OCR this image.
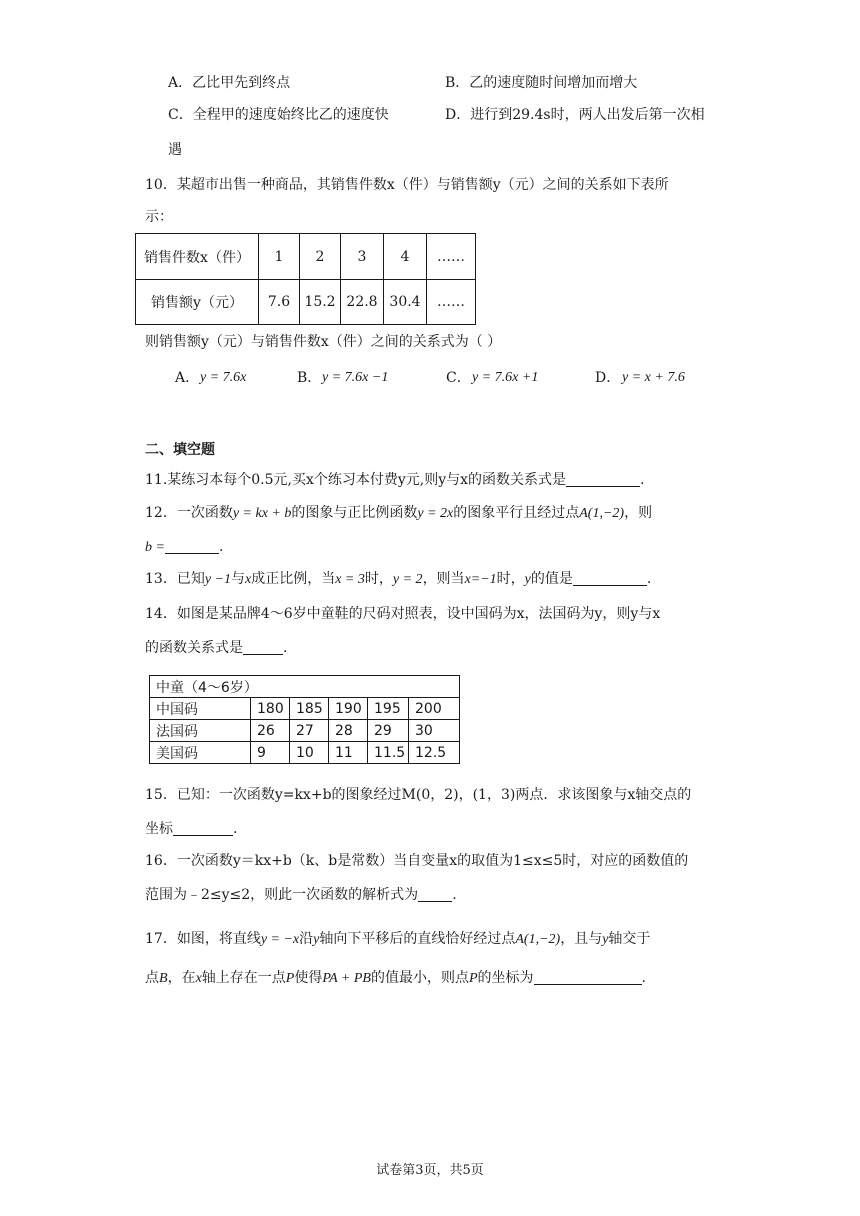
A．乙比甲先到终点	B．乙的速度随时间增加而增大
C．全程甲的速度始终比乙的速度快	D．进行到29.4s时，两人出发后第一次相
遇
10．某超市出售一种商品，其销售件数x（件）与销售额y（元）之间的关系如下表所
示：
销售件数x（件）	1	2	3	4	……
销售额y（元）	7.6	15.2	22.8	30.4	……
则销售额y（元）与销售件数x（件）之间的关系式为（ ）
A． y = 7.6x	B． y = 7.6x −1	C． y = 7.6x +1	D． y = x + 7.6
二、填空题
11.某练习本每个0.5元,买x个练习本付费y元,则y与x的函数关系式是	.
12．一次函数y = kx + b的图象与正比例函数y = 2x的图象平行且经过点A(1,−2)，则
b =	.
13．已知y −1与x成正比例，当x = 3时，y = 2，则当x=−1时，y的值是	.
14．如图是某品牌4～6岁中童鞋的尺码对照表，设中国码为x，法国码为y，则y与x
的函数关系式是	.
中童（4～6岁）					
中国码	180	185	190	195	200
法国码	26	27	28	29	30
美国码	9	10	11	11.5	12.5
15．已知：一次函数y=kx+b的图象经过M(0，2)，(1，3)两点．求该图象与x轴交点的
坐标	.
16．一次函数y＝kx+b（k、b是常数）当自变量x的取值为1≤x≤5时，对应的函数值的
范围为﹣2≤y≤2，则此一次函数的解析式为 .
17．如图，将直线y = −x沿y轴向下平移后的直线恰好经过点A(1,−2)，且与y轴交于
点B，在x轴上存在一点P使得PA + PB的值最小，则点P的坐标为	.
试卷第3页，共5页
